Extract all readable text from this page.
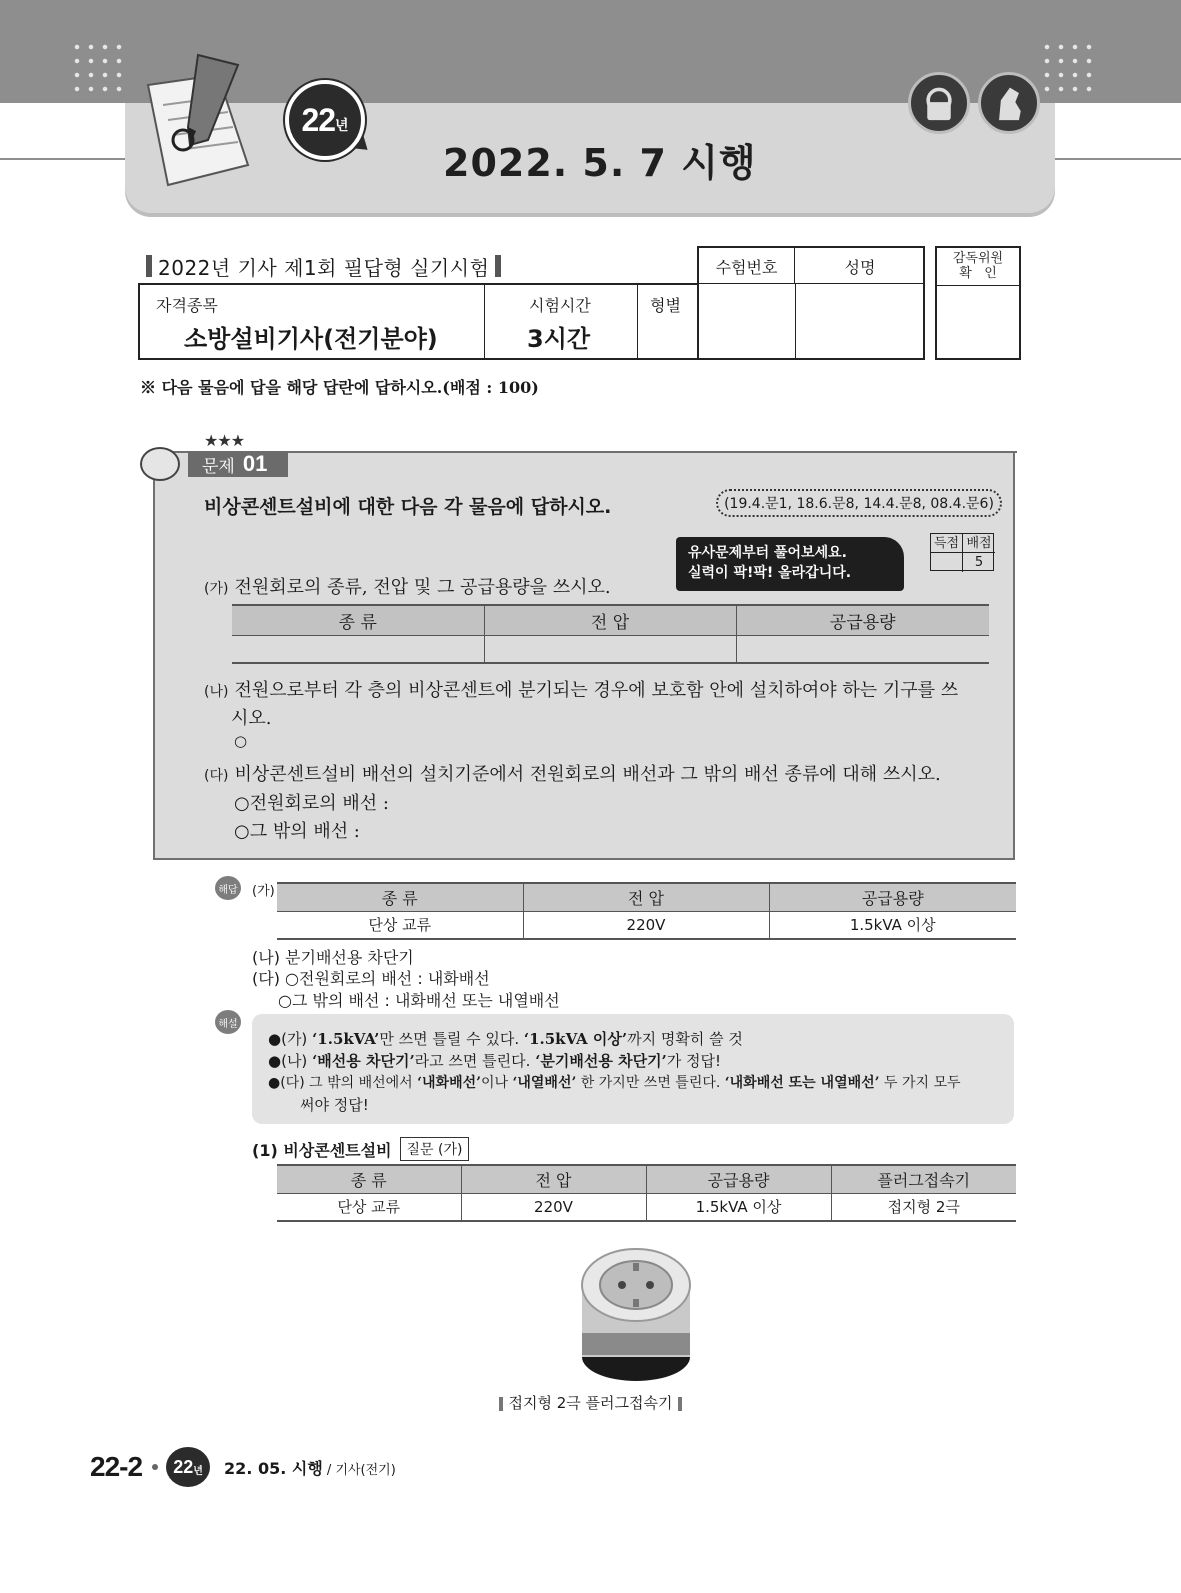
22 년
2022. 5. 7 시행
2022년 기사 제1회 필답형 실기시험
자격종목
소방설비기사(전기분야)
시험시간
3시간
형별
수험번호	성명	감독위원
확   인
※ 다음 물음에 답을 해당 답란에 답하시오.(배점 : 100)
★★★
문제 01
비상콘센트설비에 대한 다음 각 물음에 답하시오.	(19.4.문1, 18.6.문8, 14.4.문8, 08.4.문6)
유사문제부터 풀어보세요.
실력이 팍!팍! 올라갑니다.
득점 배점
5
(가) 전원회로의 종류, 전압 및 그 공급용량을 쓰시오.
종 류	전 압	공급용량

(나) 전원으로부터 각 층의 비상콘센트에 분기되는 경우에 보호함 안에 설치하여야 하는 기구를 쓰
시오.
○
(다) 비상콘센트설비 배선의 설치기준에서 전원회로의 배선과 그 밖의 배선 종류에 대해 쓰시오.
○전원회로의 배선 :
○그 밖의 배선 :
해답 (가)	종 류	전 압	공급용량
단상 교류	220V	1.5kVA 이상
(나) 분기배선용 차단기
(다) ○전원회로의 배선 : 내화배선
○그 밖의 배선 : 내화배선 또는 내열배선
해설
●(가) ‘1.5kVA’만 쓰면 틀릴 수 있다. ‘1.5kVA 이상’까지 명확히 쓸 것
●(나) ‘배선용 차단기’라고 쓰면 틀린다. ‘분기배선용 차단기’가 정답!
●(다) 그 밖의 배선에서 ‘내화배선’이나 ‘내열배선’ 한 가지만 쓰면 틀린다. ‘내화배선 또는 내열배선’ 두 가지 모두
써야 정답!
(1) 비상콘센트설비	질문 (가)
종 류	전 압	공급용량	플러그접속기
단상 교류	220V	1.5kVA 이상	접지형 2극
접지형 2극 플러그접속기
22-2 22 년 22. 05. 시행 / 기사(전기)
